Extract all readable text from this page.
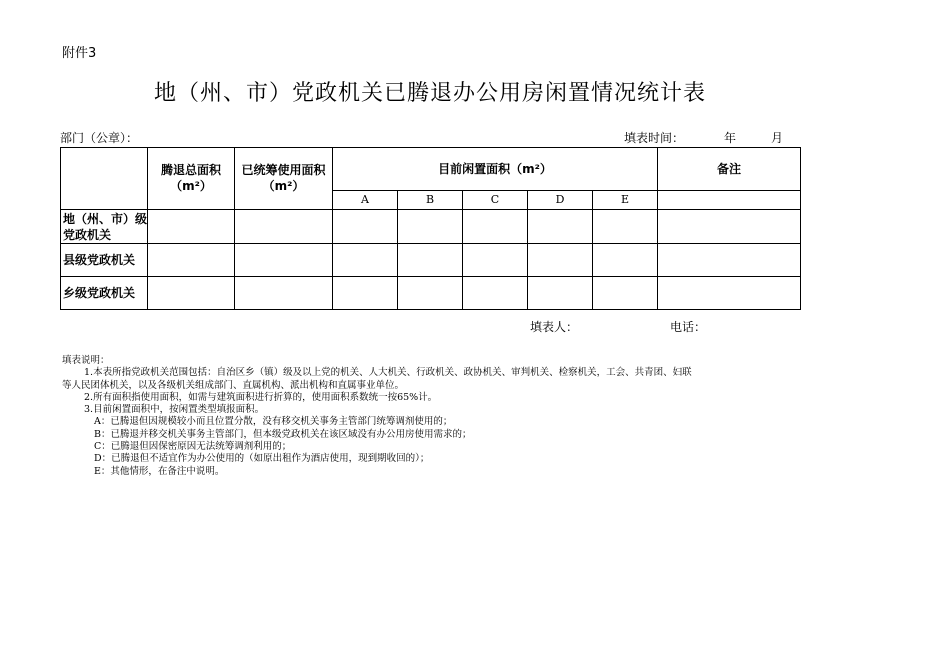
附件3
地（州、市）党政机关已腾退办公用房闲置情况统计表
部门（公章）：	填表时间：	年	月
	腾退总面积（m²）	已统筹使用面积（m²）	目前闲置面积（m²）					备注
			A	B	C	D	E	
地（州、市）级党政机关								
县级党政机关								
乡级党政机关								
填表人：	电话：
填表说明：
1.本表所指党政机关范围包括：自治区乡（镇）级及以上党的机关、人大机关、行政机关、政协机关、审判机关、检察机关，工会、共青团、妇联
等人民团体机关，以及各级机关组成部门、直属机构、派出机构和直属事业单位。
2.所有面积指使用面积，如需与建筑面积进行折算的，使用面积系数统一按65%计。
3.目前闲置面积中，按闲置类型填报面积。
A：已腾退但因规模较小而且位置分散，没有移交机关事务主管部门统筹调剂使用的；
B：已腾退并移交机关事务主管部门，但本级党政机关在该区域没有办公用房使用需求的；
C：已腾退但因保密原因无法统筹调剂利用的；
D：已腾退但不适宜作为办公使用的（如原出租作为酒店使用，现到期收回的）；
E：其他情形，在备注中说明。
